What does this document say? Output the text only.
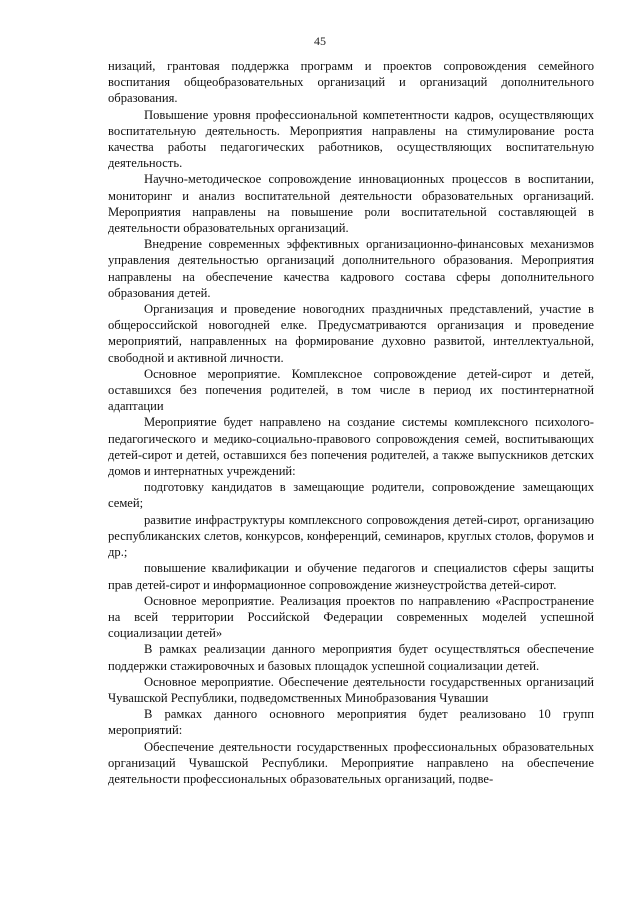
45

низаций, грантовая поддержка программ и проектов сопровождения семейного воспитания общеобразовательных организаций и организаций дополнительного образования.

Повышение уровня профессиональной компетентности кадров, осуществляющих воспитательную деятельность. Мероприятия направлены на стимулирование роста качества работы педагогических работников, осуществляющих воспитательную деятельность.

Научно-методическое сопровождение инновационных процессов в воспитании, мониторинг и анализ воспитательной деятельности образовательных организаций. Мероприятия направлены на повышение роли воспитательной составляющей в деятельности образовательных организаций.

Внедрение современных эффективных организационно-финансовых механизмов управления деятельностью организаций дополнительного образования. Мероприятия направлены на обеспечение качества кадрового состава сферы дополнительного образования детей.

Организация и проведение новогодних праздничных представлений, участие в общероссийской новогодней елке. Предусматриваются организация и проведение мероприятий, направленных на формирование духовно развитой, интеллектуальной, свободной и активной личности.

Основное мероприятие. Комплексное сопровождение детей-сирот и детей, оставшихся без попечения родителей, в том числе в период их постинтернатной адаптации

Мероприятие будет направлено на создание системы комплексного психолого-педагогического и медико-социально-правового сопровождения семей, воспитывающих детей-сирот и детей, оставшихся без попечения родителей, а также выпускников детских домов и интернатных учреждений:

подготовку кандидатов в замещающие родители, сопровождение замещающих семей;

развитие инфраструктуры комплексного сопровождения детей-сирот, организацию республиканских слетов, конкурсов, конференций, семинаров, круглых столов, форумов и др.;

повышение квалификации и обучение педагогов и специалистов сферы защиты прав детей-сирот и информационное сопровождение жизнеустройства детей-сирот.

Основное мероприятие. Реализация проектов по направлению «Распространение на всей территории Российской Федерации современных моделей успешной социализации детей»

В рамках реализации данного мероприятия будет осуществляться обеспечение поддержки стажировочных и базовых площадок успешной социализации детей.

Основное мероприятие. Обеспечение деятельности государственных организаций Чувашской Республики, подведомственных Минобразования Чувашии

В рамках данного основного мероприятия будет реализовано 10 групп мероприятий:

Обеспечение деятельности государственных профессиональных образовательных организаций Чувашской Республики. Мероприятие направлено на обеспечение деятельности профессиональных образовательных организаций, подве-
